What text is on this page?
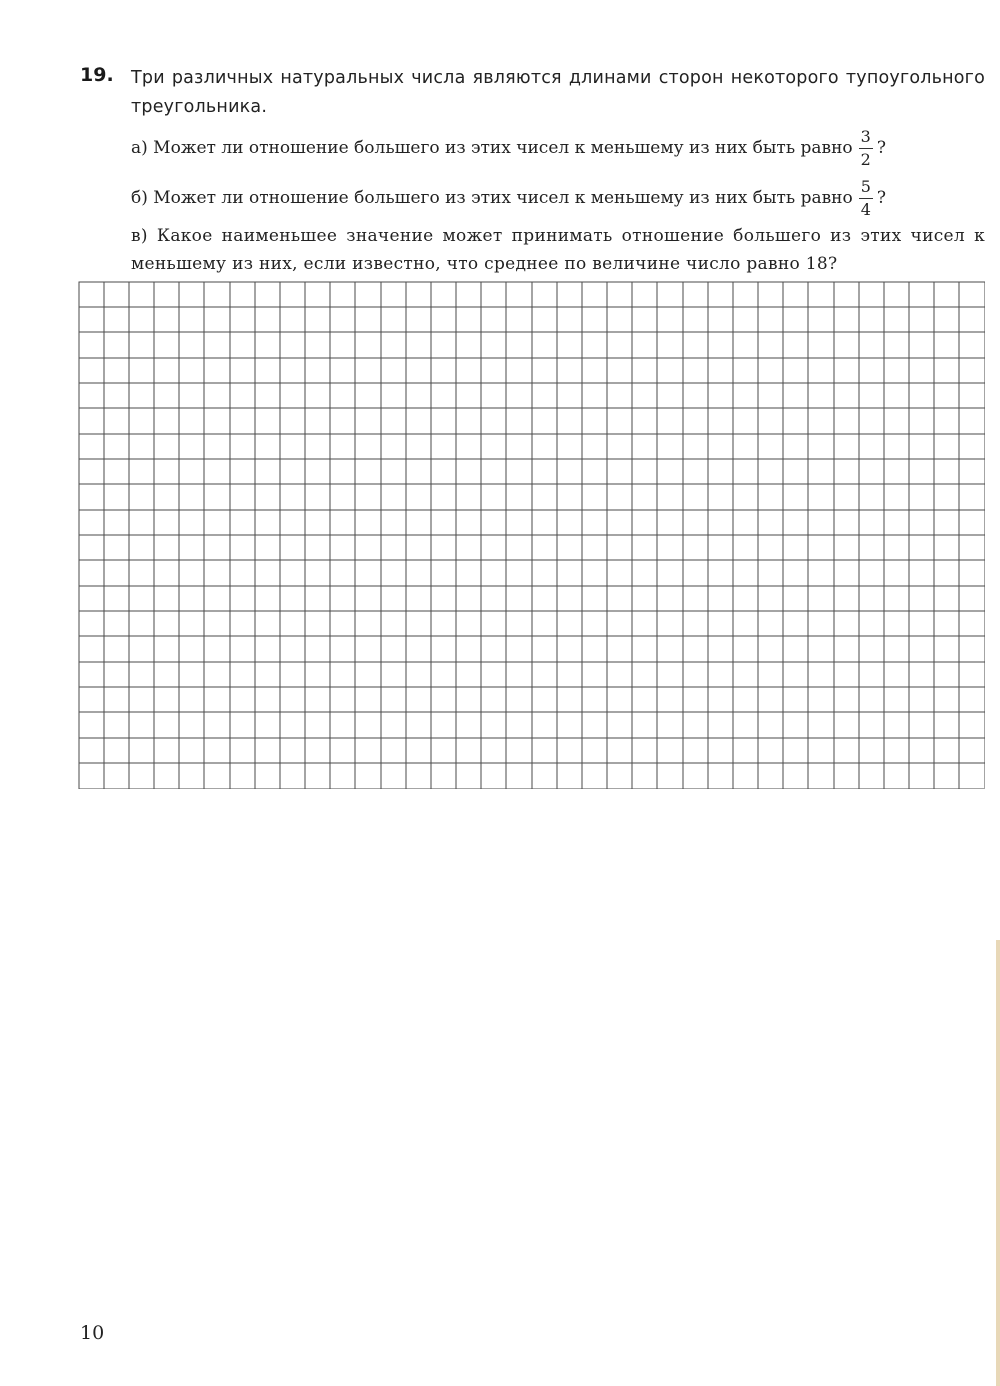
19. Три различных натуральных числа являются длинами сторон некоторого тупоугольного треугольника.
а) Может ли отношение большего из этих чисел к меньшему из них быть равно $\frac{3}{2}$ ?
б) Может ли отношение большего из этих чисел к меньшему из них быть равно $\frac{5}{4}$ ?
в) Какое наименьшее значение может принимать отношение большего из этих чисел к меньшему из них, если известно, что среднее по величине число равно 18?
10
